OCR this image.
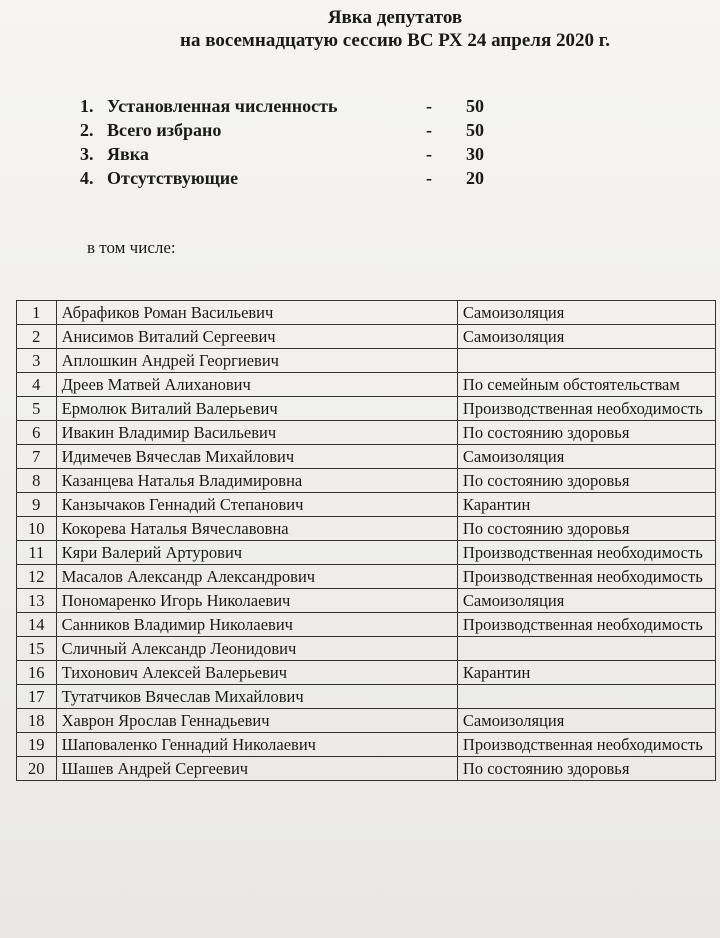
Явка депутатов
на восемнадцатую сессию ВС РХ 24 апреля 2020 г.
1. Установленная численность	- 50
2. Всего избрано	- 50
3. Явка	- 30
4. Отсутствующие	- 20
в том числе:
1	Абрафиков Роман Васильевич	Самоизоляция
2	Анисимов Виталий Сергеевич	Самоизоляция
3	Аплошкин Андрей Георгиевич	
4	Дреев Матвей Алиханович	По семейным обстоятельствам
5	Ермолюк Виталий Валерьевич	Производственная необходимость
6	Ивакин Владимир Васильевич	По состоянию здоровья
7	Идимечев Вячеслав Михайлович	Самоизоляция
8	Казанцева Наталья Владимировна	По состоянию здоровья
9	Канзычаков Геннадий Степанович	Карантин
10	Кокорева Наталья Вячеславовна	По состоянию здоровья
11	Кяри Валерий Артурович	Производственная необходимость
12	Масалов Александр Александрович	Производственная необходимость
13	Пономаренко Игорь Николаевич	Самоизоляция
14	Санников Владимир Николаевич	Производственная необходимость
15	Сличный Александр Леонидович	
16	Тихонович Алексей Валерьевич	Карантин
17	Тутатчиков Вячеслав Михайлович	
18	Хаврон Ярослав Геннадьевич	Самоизоляция
19	Шаповаленко Геннадий Николаевич	Производственная необходимость
20	Шашев Андрей Сергеевич	По состоянию здоровья
